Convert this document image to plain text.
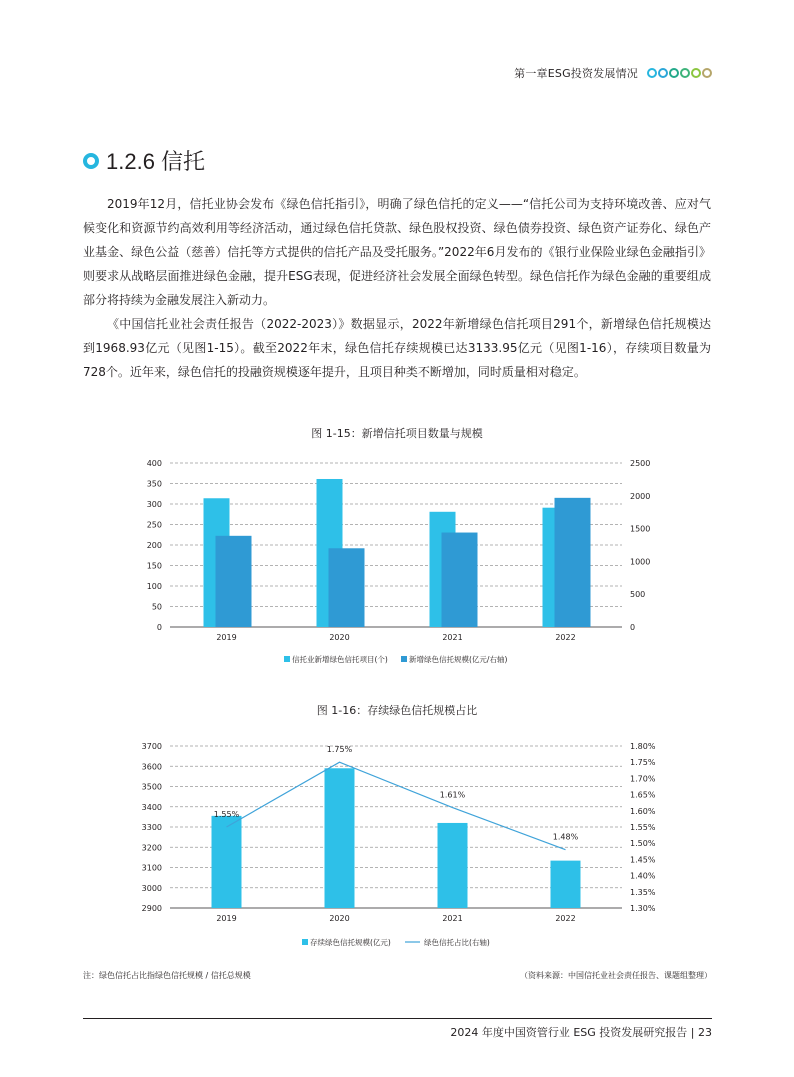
第一章ESG投资发展情况
1.2.6 信托

2019年12月，信托业协会发布《绿色信托指引》，明确了绿色信托的定义——“信托公司为支持环境改善、应对气候变化和资源节约高效利用等经济活动，通过绿色信托贷款、绿色股权投资、绿色债券投资、绿色资产证券化、绿色产业基金、绿色公益（慈善）信托等方式提供的信托产品及受托服务。”2022年6月发布的《银行业保险业绿色金融指引》则要求从战略层面推进绿色金融，提升ESG表现，促进经济社会发展全面绿色转型。绿色信托作为绿色金融的重要组成部分将持续为金融发展注入新动力。

《中国信托业社会责任报告（2022-2023）》数据显示，2022年新增绿色信托项目291个，新增绿色信托规模达到1968.93亿元（见图1-15）。截至2022年末，绿色信托存续规模已达3133.95亿元（见图1-16），存续项目数量为728个。近年来，绿色信托的投融资规模逐年提升，且项目种类不断增加，同时质量相对稳定。

图 1-15：新增信托项目数量与规模
0
50
100
150
200
250
300
350
400
0
500
1000
1500
2000
2500
2019	2020	2021	2022
信托业新增绿色信托项目(个)	新增绿色信托规模(亿元/右轴)
图 1-16：存续绿色信托规模占比
2900
3000
3100
3200
3300
3400
3500
3600
3700
1.30%
1.35%
1.40%
1.45%
1.50%
1.55%
1.60%
1.65%
1.70%
1.75%
1.80%
2019	2020	2021	2022
1.55%
1.75%
1.61%
1.48%
存续绿色信托规模(亿元)	绿色信托占比(右轴)
注：绿色信托占比指绿色信托规模 / 信托总规模	（资料来源：中国信托业社会责任报告、课题组整理）
2024 年度中国资管行业 ESG 投资发展研究报告 | 23
